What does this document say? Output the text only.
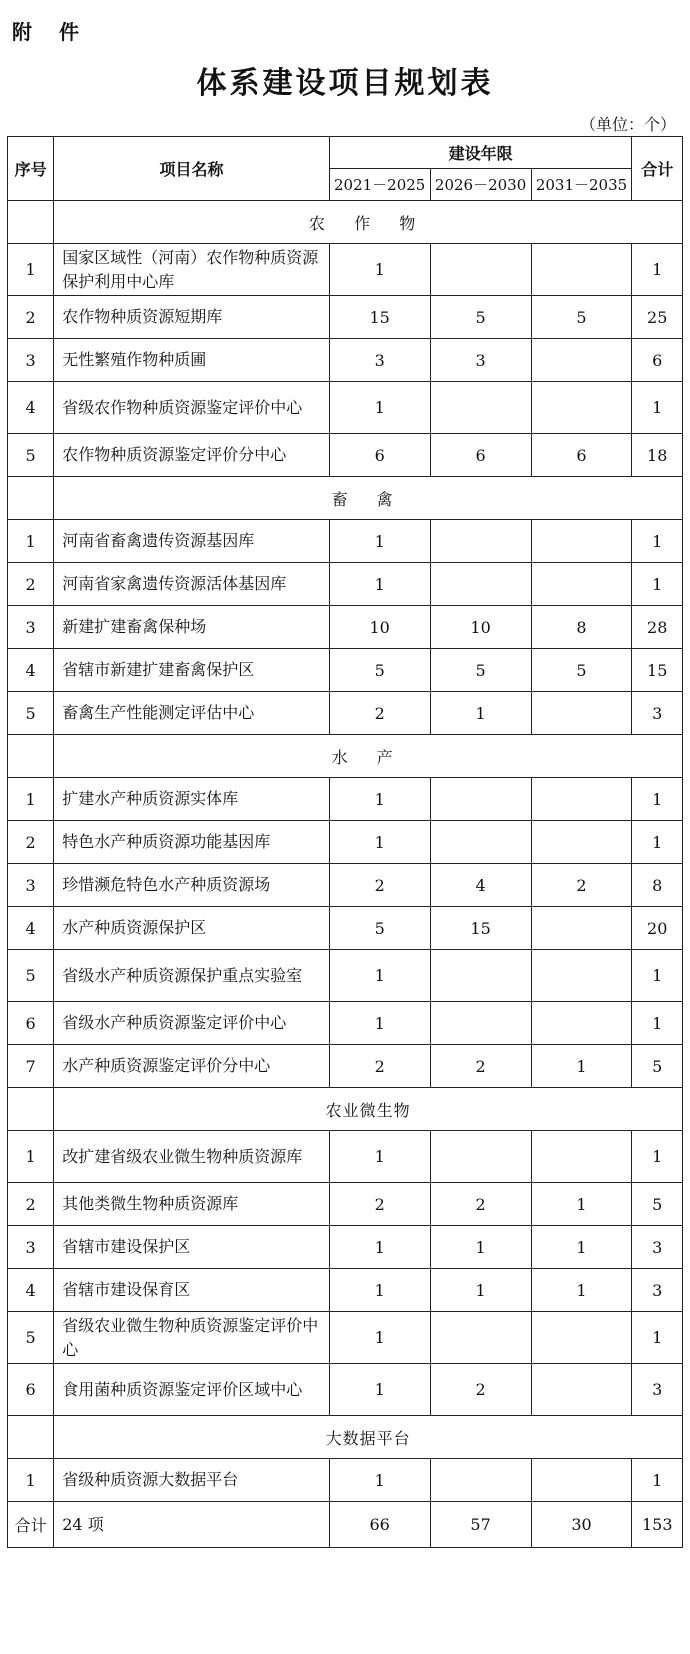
附 件
体系建设项目规划表
（单位：个）
序号	项目名称	建设年限			合计
		2021－2025	2026－2030	2031－2035	
	农 作 物				
1	国家区域性（河南）农作物种质资源保护利用中心库	1			1
2	农作物种质资源短期库	15	5	5	25
3	无性繁殖作物种质圃	3	3		6
4	省级农作物种质资源鉴定评价中心	1			1
5	农作物种质资源鉴定评价分中心	6	6	6	18
	畜 禽				
1	河南省畜禽遗传资源基因库	1			1
2	河南省家禽遗传资源活体基因库	1			1
3	新建扩建畜禽保种场	10	10	8	28
4	省辖市新建扩建畜禽保护区	5	5	5	15
5	畜禽生产性能测定评估中心	2	1		3
	水 产				
1	扩建水产种质资源实体库	1			1
2	特色水产种质资源功能基因库	1			1
3	珍惜濒危特色水产种质资源场	2	4	2	8
4	水产种质资源保护区	5	15		20
5	省级水产种质资源保护重点实验室	1			1
6	省级水产种质资源鉴定评价中心	1			1
7	水产种质资源鉴定评价分中心	2	2	1	5
	农业微生物				
1	改扩建省级农业微生物种质资源库	1			1
2	其他类微生物种质资源库	2	2	1	5
3	省辖市建设保护区	1	1	1	3
4	省辖市建设保育区	1	1	1	3
5	省级农业微生物种质资源鉴定评价中心	1			1
6	食用菌种质资源鉴定评价区域中心	1	2		3
	大数据平台				
1	省级种质资源大数据平台	1			1
合计	24 项	66	57	30	153
